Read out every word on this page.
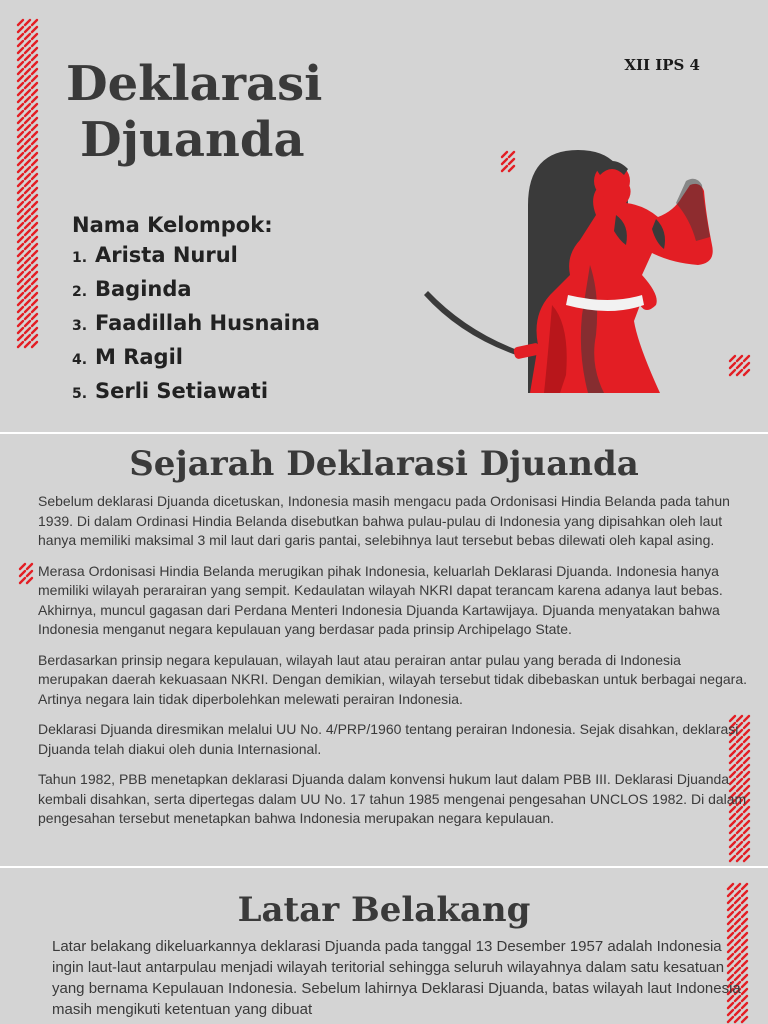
Deklarasi
Djuanda
XII IPS 4

Nama Kelompok:

1. Arista Nurul
2. Baginda
3. Faadillah Husnaina
4. M Ragil
5. Serli Setiawati
Sejarah Deklarasi Djuanda

Sebelum deklarasi Djuanda dicetuskan, Indonesia masih mengacu pada Ordonisasi Hindia Belanda pada tahun 1939. Di dalam Ordinasi Hindia Belanda disebutkan bahwa pulau-pulau di Indonesia yang dipisahkan oleh laut hanya memiliki maksimal 3 mil laut dari garis pantai, selebihnya laut tersebut bebas dilewati oleh kapal asing.

Merasa Ordonisasi Hindia Belanda merugikan pihak Indonesia, keluarlah Deklarasi Djuanda. Indonesia hanya memiliki wilayah perarairan yang sempit. Kedaulatan wilayah NKRI dapat terancam karena adanya laut bebas. Akhirnya, muncul gagasan dari Perdana Menteri Indonesia Djuanda Kartawijaya. Djuanda menyatakan bahwa Indonesia menganut negara kepulauan yang berdasar pada prinsip Archipelago State.

Berdasarkan prinsip negara kepulauan, wilayah laut atau perairan antar pulau yang berada di Indonesia merupakan daerah kekuasaan NKRI. Dengan demikian, wilayah tersebut tidak dibebaskan untuk berbagai negara. Artinya negara lain tidak diperbolehkan melewati perairan Indonesia.

Deklarasi Djuanda diresmikan melalui UU No. 4/PRP/1960 tentang perairan Indonesia. Sejak disahkan, deklarasi Djuanda telah diakui oleh dunia Internasional.

Tahun 1982, PBB menetapkan deklarasi Djuanda dalam konvensi hukum laut dalam PBB III. Deklarasi Djuanda kembali disahkan, serta dipertegas dalam UU No. 17 tahun 1985 mengenai pengesahan UNCLOS 1982. Di dalam pengesahan tersebut menetapkan bahwa Indonesia merupakan negara kepulauan.

Latar Belakang

Latar belakang dikeluarkannya deklarasi Djuanda pada tanggal 13 Desember 1957 adalah Indonesia ingin laut-laut antarpulau menjadi wilayah teritorial sehingga seluruh wilayahnya dalam satu kesatuan yang bernama Kepulauan Indonesia. Sebelum lahirnya Deklarasi Djuanda, batas wilayah laut Indonesia masih mengikuti ketentuan yang dibuat
